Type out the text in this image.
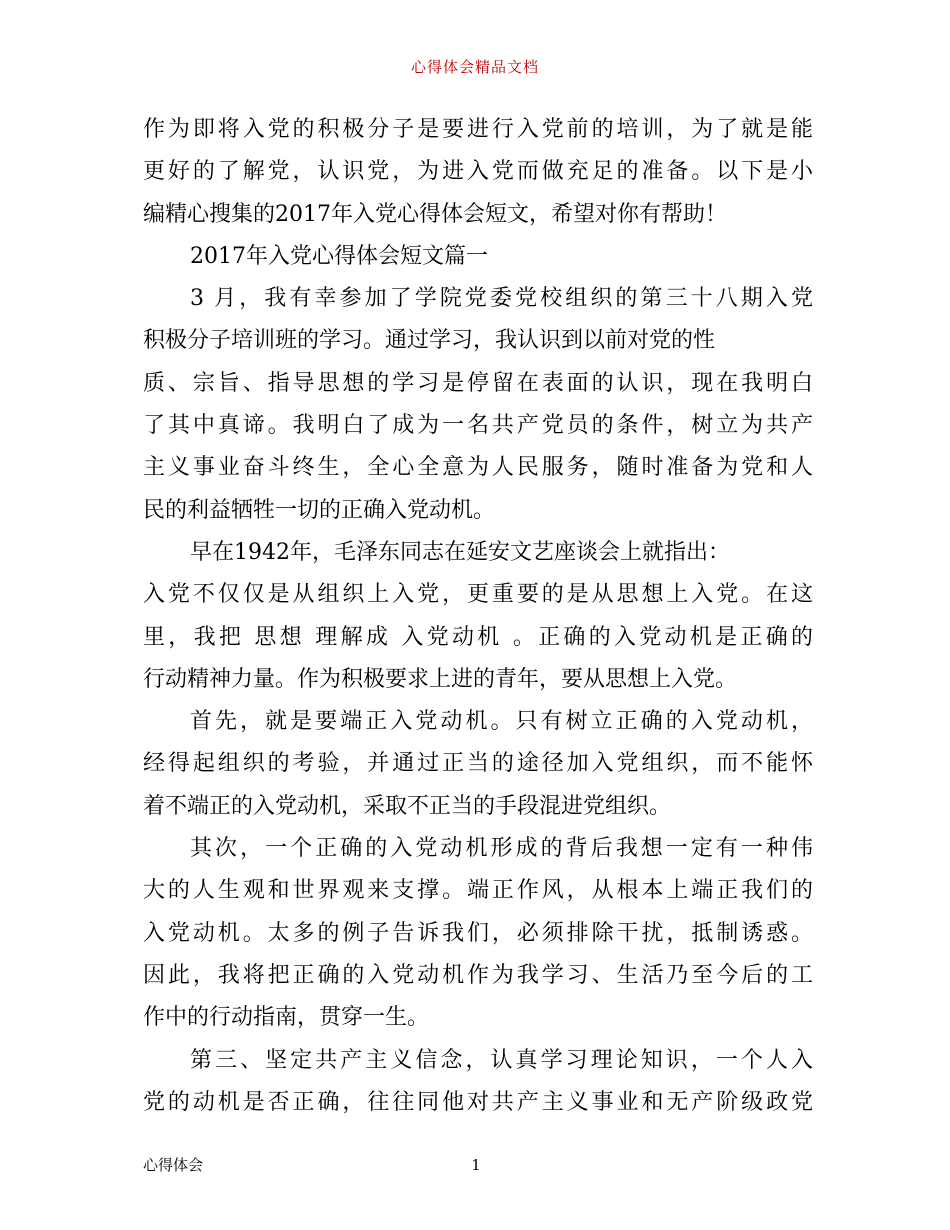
心得体会精品文档
作为即将入党的积极分子是要进行入党前的培训，为了就是能
更好的了解党，认识党，为进入党而做充足的准备。以下是小
编精心搜集的2017年入党心得体会短文，希望对你有帮助！
2017年入党心得体会短文篇一
3 月，我有幸参加了学院党委党校组织的第三十八期入党
积极分子培训班的学习。通过学习，我认识到以前对党的性
质、宗旨、指导思想的学习是停留在表面的认识，现在我明白
了其中真谛。我明白了成为一名共产党员的条件，树立为共产
主义事业奋斗终生，全心全意为人民服务，随时准备为党和人
民的利益牺牲一切的正确入党动机。
早在1942年，毛泽东同志在延安文艺座谈会上就指出：
入党不仅仅是从组织上入党，更重要的是从思想上入党。在这
里，我把 思想 理解成 入党动机 。正确的入党动机是正确的
行动精神力量。作为积极要求上进的青年，要从思想上入党。
首先，就是要端正入党动机。只有树立正确的入党动机，
经得起组织的考验，并通过正当的途径加入党组织，而不能怀
着不端正的入党动机，采取不正当的手段混进党组织。
其次，一个正确的入党动机形成的背后我想一定有一种伟
大的人生观和世界观来支撑。端正作风，从根本上端正我们的
入党动机。太多的例子告诉我们，必须排除干扰，抵制诱惑。
因此，我将把正确的入党动机作为我学习、生活乃至今后的工
作中的行动指南，贯穿一生。
第三、坚定共产主义信念，认真学习理论知识，一个人入
党的动机是否正确，往往同他对共产主义事业和无产阶级政党
心得体会	1
